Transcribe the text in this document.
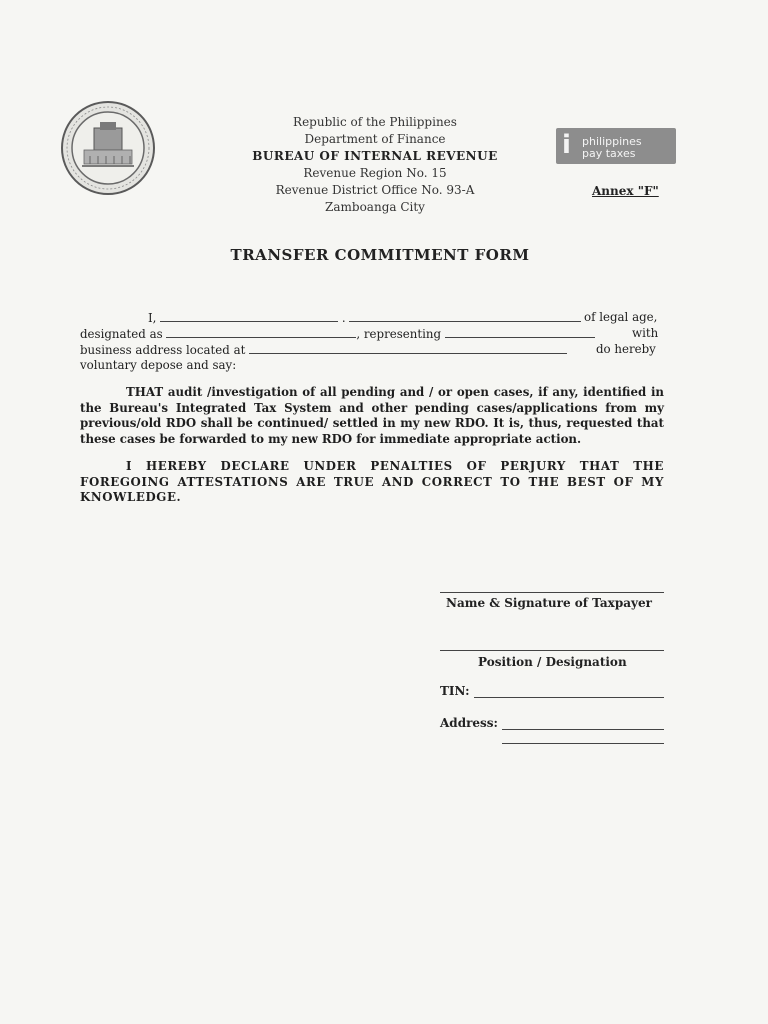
Republic of the Philippines
Department of Finance
BUREAU OF INTERNAL REVENUE
Revenue Region No. 15
Revenue District Office No. 93-A
Zamboanga City
i philippines
pay taxes
Annex "F"
TRANSFER COMMITMENT FORM
I,	.	of legal age,
designated as	, representing	with
business address located at	do hereby
voluntary depose and say:
THAT audit /investigation of all pending and / or open cases, if any, identified in the Bureau's Integrated Tax System and other pending cases/applications from my previous/old RDO shall be continued/ settled in my new RDO. It is, thus, requested that these cases be forwarded to my new RDO for immediate appropriate action.
I HEREBY DECLARE UNDER PENALTIES OF PERJURY THAT THE FOREGOING ATTESTATIONS ARE TRUE AND CORRECT TO THE BEST OF MY KNOWLEDGE.
Name & Signature of Taxpayer
Position / Designation
TIN:
Address:
